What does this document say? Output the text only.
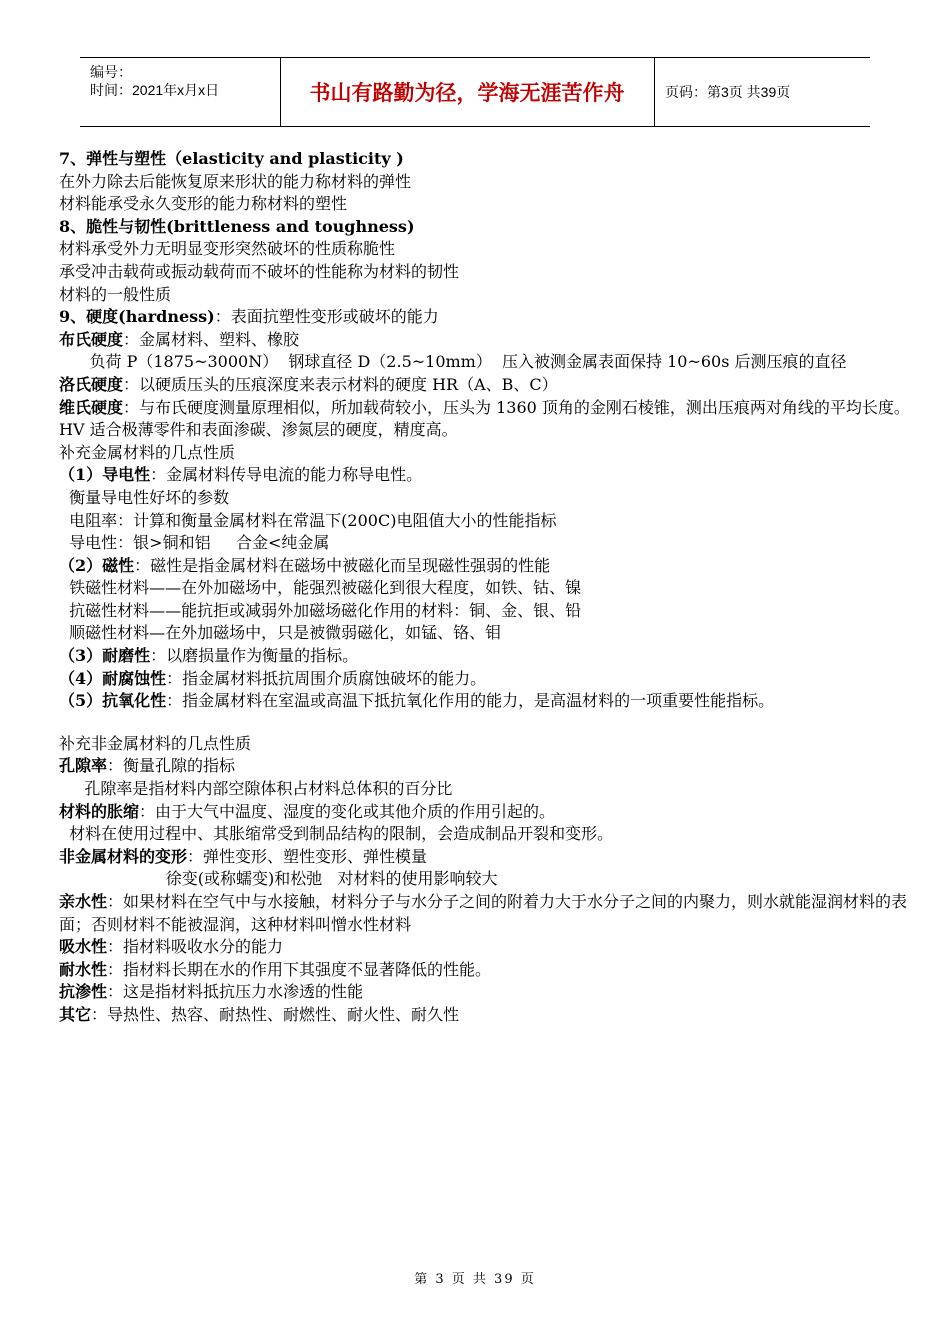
编号：
时间：2021年x月x日	书山有路勤为径，学海无涯苦作舟	页码：第3页 共39页
7、弹性与塑性（elasticity and plasticity )
在外力除去后能恢复原来形状的能力称材料的弹性
材料能承受永久变形的能力称材料的塑性
8、脆性与韧性(brittleness and toughness)
材料承受外力无明显变形突然破坏的性质称脆性
承受冲击载荷或振动载荷而不破坏的性能称为材料的韧性
材料的一般性质
9、硬度(hardness)：表面抗塑性变形或破坏的能力
布氏硬度：金属材料、塑料、橡胶
负荷 P（1875~3000N）  钢球直径 D（2.5~10mm）  压入被测金属表面保持 10~60s 后测压痕的直径
洛氏硬度：以硬质压头的压痕深度来表示材料的硬度 HR（A、B、C）
维氏硬度：与布氏硬度测量原理相似，所加载荷较小，压头为 1360 顶角的金刚石棱锥，测出压痕两对角线的平均长度。HV 适合极薄零件和表面渗碳、渗氮层的硬度，精度高。
补充金属材料的几点性质
（1）导电性：金属材料传导电流的能力称导电性。
衡量导电性好坏的参数
电阻率：计算和衡量金属材料在常温下(200C)电阻值大小的性能指标
导电性：银>铜和铝     合金<纯金属
（2）磁性：磁性是指金属材料在磁场中被磁化而呈现磁性强弱的性能
铁磁性材料——在外加磁场中，能强烈被磁化到很大程度，如铁、钴、镍
抗磁性材料——能抗拒或减弱外加磁场磁化作用的材料：铜、金、银、铅
顺磁性材料—在外加磁场中，只是被微弱磁化，如锰、铬、钼
（3）耐磨性：以磨损量作为衡量的指标。
（4）耐腐蚀性：指金属材料抵抗周围介质腐蚀破坏的能力。
（5）抗氧化性：指金属材料在室温或高温下抵抗氧化作用的能力，是高温材料的一项重要性能指标。
补充非金属材料的几点性质
孔隙率：衡量孔隙的指标
孔隙率是指材料内部空隙体积占材料总体积的百分比
材料的胀缩：由于大气中温度、湿度的变化或其他介质的作用引起的。
材料在使用过程中、其胀缩常受到制品结构的限制，会造成制品开裂和变形。
非金属材料的变形：弹性变形、塑性变形、弹性模量
徐变(或称蠕变)和松弛   对材料的使用影响较大
亲水性：如果材料在空气中与水接触，材料分子与水分子之间的附着力大于水分子之间的内聚力，则水就能湿润材料的表面；否则材料不能被湿润，这种材料叫憎水性材料
吸水性：指材料吸收水分的能力
耐水性：指材料长期在水的作用下其强度不显著降低的性能。
抗渗性：这是指材料抵抗压力水渗透的性能
其它：导热性、热容、耐热性、耐燃性、耐火性、耐久性
第 3 页 共 39 页
